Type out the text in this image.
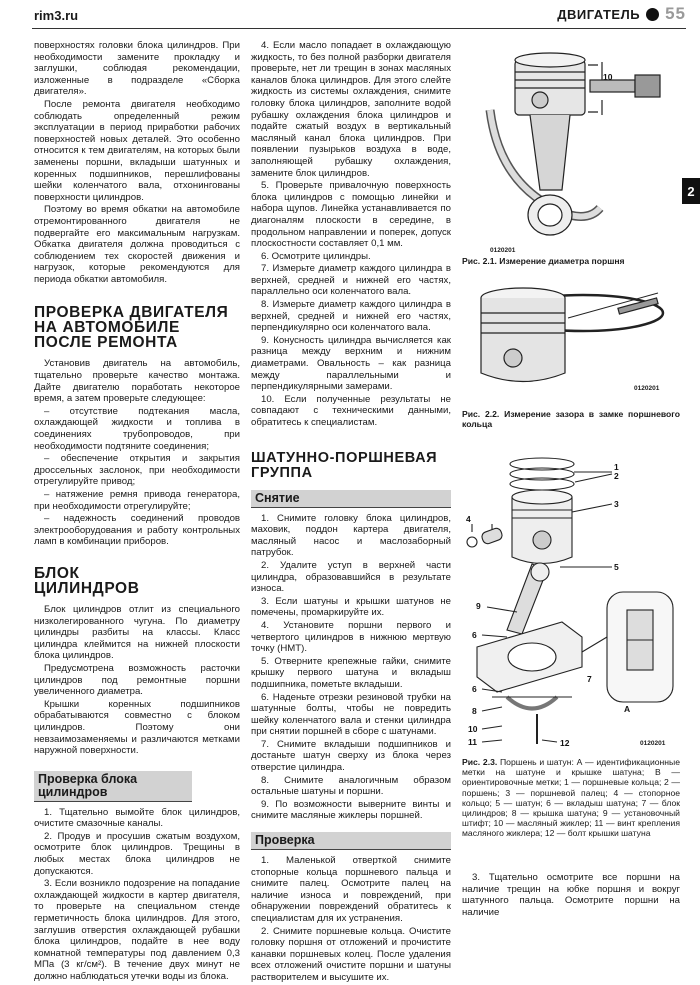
rim3.ru	ДВИГАТЕЛЬ 55
2

поверхностях головки блока цилиндров. При необходимости замените прокладку и заглушки, соблюдая рекомендации, изложенные в подразделе «Сборка двигателя».

После ремонта двигателя необходимо соблюдать определенный режим эксплуатации в период приработки рабочих поверхностей новых деталей. Это особенно относится к тем двигателям, на которых были заменены поршни, вкладыши шатунных и коренных подшипников, перешлифованы шейки коленчатого вала, отхонингованы поверхности цилиндров.

Поэтому во время обкатки на автомобиле отремонтированного двигателя не подвергайте его максимальным нагрузкам. Обкатка двигателя должна проводиться с соблюдением тех скоростей движения и нагрузок, которые рекомендуются для периода обкатки автомобиля.

ПРОВЕРКА ДВИГАТЕЛЯ НА АВТОМОБИЛЕ ПОСЛЕ РЕМОНТА

Установив двигатель на автомобиль, тщательно проверьте качество монтажа. Дайте двигателю поработать некоторое время, а затем проверьте следующее:

– отсутствие подтекания масла, охлаждающей жидкости и топлива в соединениях трубопроводов, при необходимости подтяните соединения;

– обеспечение открытия и закрытия дроссельных заслонок, при необходимости отрегулируйте привод;

– натяжение ремня привода генератора, при необходимости отрегулируйте;

– надежность соединений проводов электрооборудования и работу контрольных ламп в комбинации приборов.

БЛОК ЦИЛИНДРОВ

Блок цилиндров отлит из специального низколегированного чугуна. По диаметру цилиндры разбиты на классы. Класс цилиндра клеймится на нижней плоскости блока цилиндров.

Предусмотрена возможность расточки цилиндров под ремонтные поршни увеличенного диаметра.

Крышки коренных подшипников обрабатываются совместно с блоком цилиндров. Поэтому они невзаимозаменяемы и различаются метками наружной поверхности.

Проверка блока цилиндров

1. Тщательно вымойте блок цилиндров, очистите смазочные каналы.

2. Продув и просушив сжатым воздухом, осмотрите блок цилиндров. Трещины в любых местах блока цилиндров не допускаются.

3. Если возникло подозрение на попадание охлаждающей жидкости в картер двигателя, то проверьте на специальном стенде герметичность блока цилиндров. Для этого, заглушив отверстия охлаждающей рубашки блока цилиндров, подайте в нее воду комнатной температуры под давлением 0,3 МПа (3 кг/см²). В течение двух минут не должно наблюдаться утечки воды из блока.

4. Если масло попадает в охлаждающую жидкость, то без полной разборки двигателя проверьте, нет ли трещин в зонах масляных каналов блока цилиндров. Для этого слейте жидкость из системы охлаждения, снимите головку блока цилиндров, заполните водой рубашку охлаждения блока цилиндров и подайте сжатый воздух в вертикальный масляный канал блока цилиндров. При появлении пузырьков воздуха в воде, заполняющей рубашку охлаждения, замените блок цилиндров.

5. Проверьте привалочную поверхность блока цилиндров с помощью линейки и набора щупов. Линейка устанавливается по диагоналям плоскости в середине, в продольном направлении и поперек, допуск плоскостности составляет 0,1 мм.

6. Осмотрите цилиндры.

7. Измерьте диаметр каждого цилиндра в верхней, средней и нижней его частях, параллельно оси коленчатого вала.

8. Измерьте диаметр каждого цилиндра в верхней, средней и нижней его частях, перпендикулярно оси коленчатого вала.

9. Конусность цилиндра вычисляется как разница между верхним и нижним диаметрами. Овальность – как разница между параллельными и перпендикулярными замерами.

10. Если полученные результаты не совпадают с техническими данными, обратитесь к специалистам.

ШАТУННО-ПОРШНЕВАЯ ГРУППА
Снятие

1. Снимите головку блока цилиндров, маховик, поддон картера двигателя, масляный насос и маслозаборный патрубок.

2. Удалите уступ в верхней части цилиндра, образовавшийся в результате износа.

3. Если шатуны и крышки шатунов не помечены, промаркируйте их.

4. Установите поршни первого и четвертого цилиндров в нижнюю мертвую точку (НМТ).

5. Отверните крепежные гайки, снимите крышку первого шатуна и вкладыш подшипника, пометьте вкладыши.

6. Наденьте отрезки резиновой трубки на шатунные болты, чтобы не повредить шейку коленчатого вала и стенки цилиндра при снятии поршней в сборе с шатунами.

7. Снимите вкладыши подшипников и достаньте шатун сверху из блока через отверстие цилиндра.

8. Снимите аналогичным образом остальные шатуны и поршни.

9. По возможности выверните винты и снимите масляные жиклеры поршней.

Проверка

1. Маленькой отверткой снимите стопорные кольца поршневого пальца и снимите палец. Осмотрите палец на наличие износа и повреждений, при обнаружении повреждений обратитесь к специалистам для их устранения.

2. Снимите поршневые кольца. Очистите головку поршня от отложений и прочистите канавки поршневых колец. После удаления всех отложений очистите поршни и шатуны растворителем и высушите их.

10
0120201
Рис. 2.1. Измерение диаметра поршня
0120201
Рис. 2.2. Измерение зазора в замке поршневого кольца
1
2
3
4
5
9
6
A
7
6
8
10
11	12	0120201
Рис. 2.3. Поршень и шатун: А — идентификационные метки на шатуне и крышке шатуна; В — ориентировочные метки; 1 — поршневые кольца; 2 — поршень; 3 — поршневой палец; 4 — стопорное кольцо; 5 — шатун; 6 — вкладыш шатуна; 7 — блок цилиндров; 8 — крышка шатуна; 9 — установочный штифт; 10 — масляный жиклер; 11 — винт крепления масляного жиклера; 12 — болт крышки шатуна

3. Тщательно осмотрите все поршни на наличие трещин на юбке поршня и вокруг шатунного пальца. Осмотрите поршни на наличие
